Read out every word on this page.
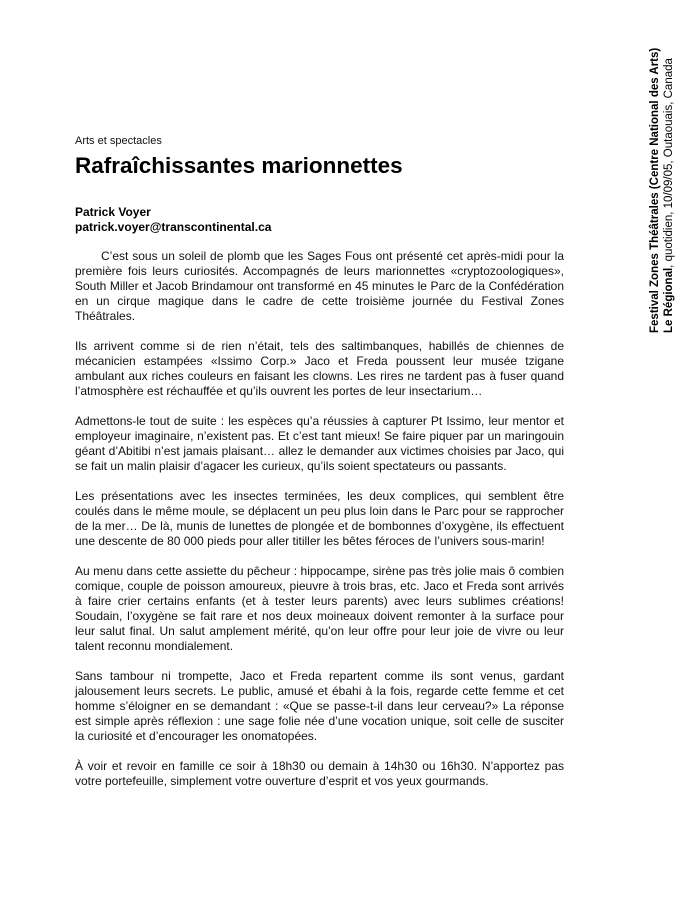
Arts et spectacles
Rafraîchissantes marionnettes
Patrick Voyer
patrick.voyer@transcontinental.ca

C’est sous un soleil de plomb que les Sages Fous ont présenté cet après-midi pour la première fois leurs curiosités. Accompagnés de leurs marionnettes «cryptozoologiques», South Miller et Jacob Brindamour ont transformé en 45 minutes le Parc de la Confédération en un cirque magique dans le cadre de cette troisième journée du Festival Zones Théâtrales.

Ils arrivent comme si de rien n’était, tels des saltimbanques, habillés de chiennes de mécanicien estampées «Issimo Corp.» Jaco et Freda poussent leur musée tzigane ambulant aux riches couleurs en faisant les clowns. Les rires ne tardent pas à fuser quand l’atmosphère est réchauffée et qu’ils ouvrent les portes de leur insectarium…

Admettons-le tout de suite : les espèces qu’a réussies à capturer Pt Issimo, leur mentor et employeur imaginaire, n’existent pas. Et c’est tant mieux! Se faire piquer par un maringouin géant d’Abitibi n’est jamais plaisant… allez le demander aux victimes choisies par Jaco, qui se fait un malin plaisir d’agacer les curieux, qu’ils soient spectateurs ou passants.

Les présentations avec les insectes terminées, les deux complices, qui semblent être coulés dans le même moule, se déplacent un peu plus loin dans le Parc pour se rapprocher de la mer… De là, munis de lunettes de plongée et de bombonnes d’oxygène, ils effectuent une descente de 80 000 pieds pour aller titiller les bêtes féroces de l’univers sous-marin!

Au menu dans cette assiette du pêcheur : hippocampe, sirène pas très jolie mais ô combien comique, couple de poisson amoureux, pieuvre à trois bras, etc. Jaco et Freda sont arrivés à faire crier certains enfants (et à tester leurs parents) avec leurs sublimes créations! Soudain, l’oxygène se fait rare et nos deux moineaux doivent remonter à la surface pour leur salut final. Un salut amplement mérité, qu’on leur offre pour leur joie de vivre ou leur talent reconnu mondialement.

Sans tambour ni trompette, Jaco et Freda repartent comme ils sont venus, gardant jalousement leurs secrets. Le public, amusé et ébahi à la fois, regarde cette femme et cet homme s’éloigner en se demandant : «Que se passe-t-il dans leur cerveau?» La réponse est simple après réflexion : une sage folie née d’une vocation unique, soit celle de susciter la curiosité et d’encourager les onomatopées.

À voir et revoir en famille ce soir à 18h30 ou demain à 14h30 ou 16h30. N’apportez pas votre portefeuille, simplement votre ouverture d’esprit et vos yeux gourmands.

Festival Zones Théâtrales (Centre National des Arts) Le Régional, quotidien, 10/09/05, Outaouais, Canada
